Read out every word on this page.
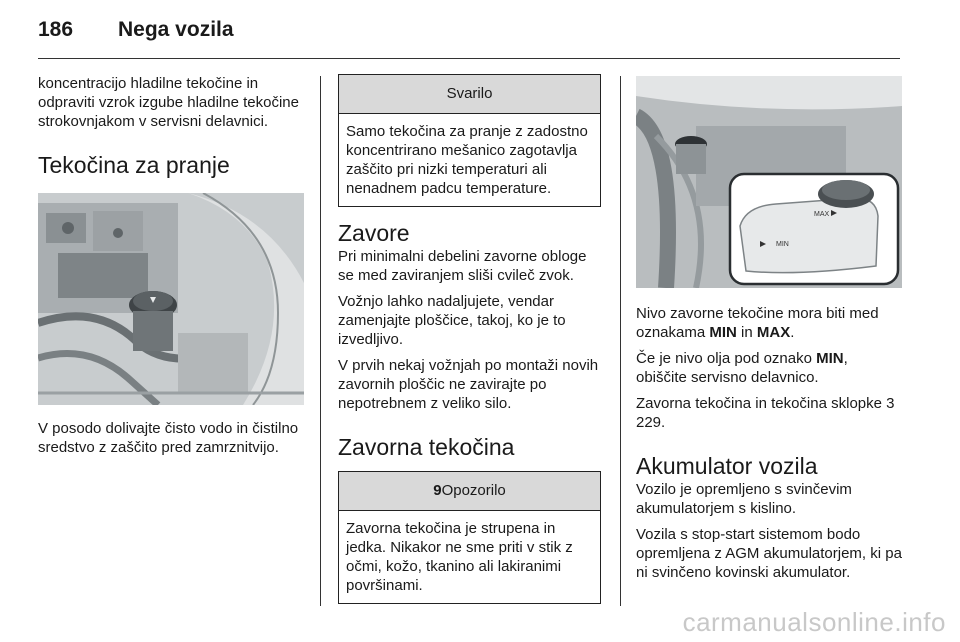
186 Nega vozila

koncentracijo hladilne tekočine in odpraviti vzrok izgube hladilne tekočine strokovnjakom v servisni delavnici.

Tekočina za pranje

V posodo dolivajte čisto vodo in čistilno sredstvo z zaščito pred zamrznitvijo.

Svarilo
Samo tekočina za pranje z zadostno koncentrirano mešanico zagotavlja zaščito pri nizki temperaturi ali nenadnem padcu temperature.
Zavore

Pri minimalni debelini zavorne obloge se med zaviranjem sliši cvileč zvok.

Vožnjo lahko nadaljujete, vendar zamenjajte ploščice, takoj, ko je to izvedljivo.

V prvih nekaj vožnjah po montaži novih zavornih ploščic ne zavirajte po nepotrebnem z veliko silo.

Zavorna tekočina
9Opozorilo
Zavorna tekočina je strupena in jedka. Nikakor ne sme priti v stik z očmi, kožo, tkanino ali lakiranimi površinami.
MAX
MIN

Nivo zavorne tekočine mora biti med oznakama MIN in MAX.

Če je nivo olja pod oznako MIN, obiščite servisno delavnico.

Zavorna tekočina in tekočina sklopke 3 229.

Akumulator vozila

Vozilo je opremljeno s svinčevim akumulatorjem s kislino.

Vozila s stop-start sistemom bodo opremljena z AGM akumulatorjem, ki pa ni svinčeno kovinski akumulator.

carmanualsonline.info
